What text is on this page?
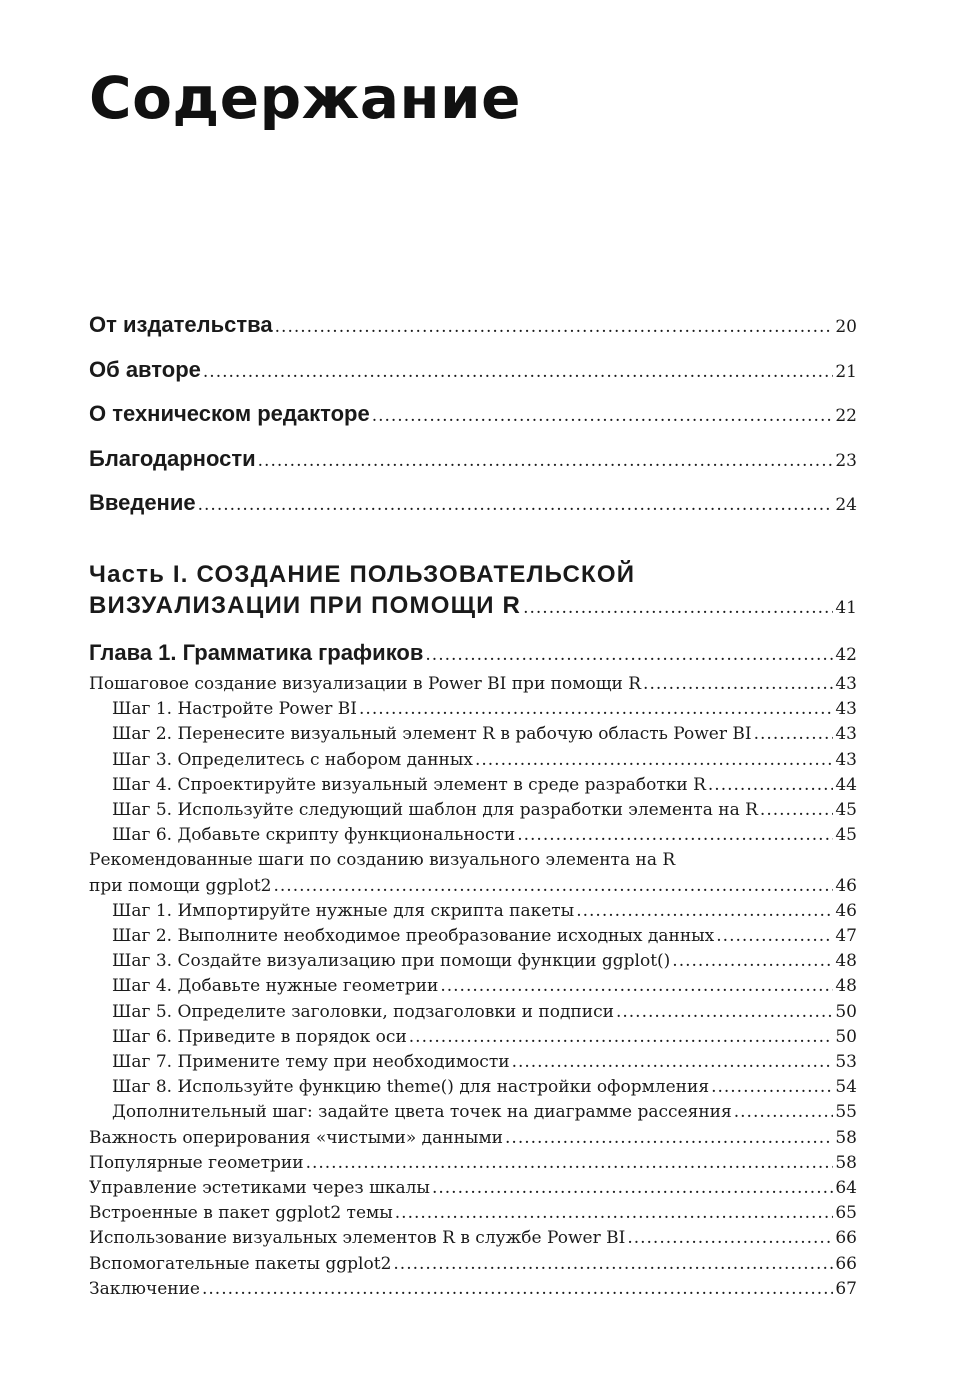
Содержание
От издательства .....	20
Об авторе .....	21
О техническом редакторе .....	22
Благодарности .....	23
Введение .....	24
Часть I. СОЗДАНИЕ ПОЛЬЗОВАТЕЛЬСКОЙ
ВИЗУАЛИЗАЦИИ ПРИ ПОМОЩИ R .....	41
Глава 1. Грамматика графиков .....	42
Пошаговое создание визуализации в Power BI при помощи R .....	43
Шаг 1. Настройте Power BI .....	43
Шаг 2. Перенесите визуальный элемент R в рабочую область Power BI .....	43
Шаг 3. Определитесь с набором данных .....	43
Шаг 4. Спроектируйте визуальный элемент в среде разработки R .....	44
Шаг 5. Используйте следующий шаблон для разработки элемента на R .....	45
Шаг 6. Добавьте скрипту функциональности .....	45
Рекомендованные шаги по созданию визуального элемента на R
при помощи ggplot2 .....	46
Шаг 1. Импортируйте нужные для скрипта пакеты .....	46
Шаг 2. Выполните необходимое преобразование исходных данных .....	47
Шаг 3. Создайте визуализацию при помощи функции ggplot() .....	48
Шаг 4. Добавьте нужные геометрии .....	48
Шаг 5. Определите заголовки, подзаголовки и подписи .....	50
Шаг 6. Приведите в порядок оси .....	50
Шаг 7. Примените тему при необходимости .....	53
Шаг 8. Используйте функцию theme() для настройки оформления .....	54
Дополнительный шаг: задайте цвета точек на диаграмме рассеяния .....	55
Важность оперирования «чистыми» данными .....	58
Популярные геометрии .....	58
Управление эстетиками через шкалы .....	64
Встроенные в пакет ggplot2 темы .....	65
Использование визуальных элементов R в службе Power BI .....	66
Вспомогательные пакеты ggplot2 .....	66
Заключение .....	67
